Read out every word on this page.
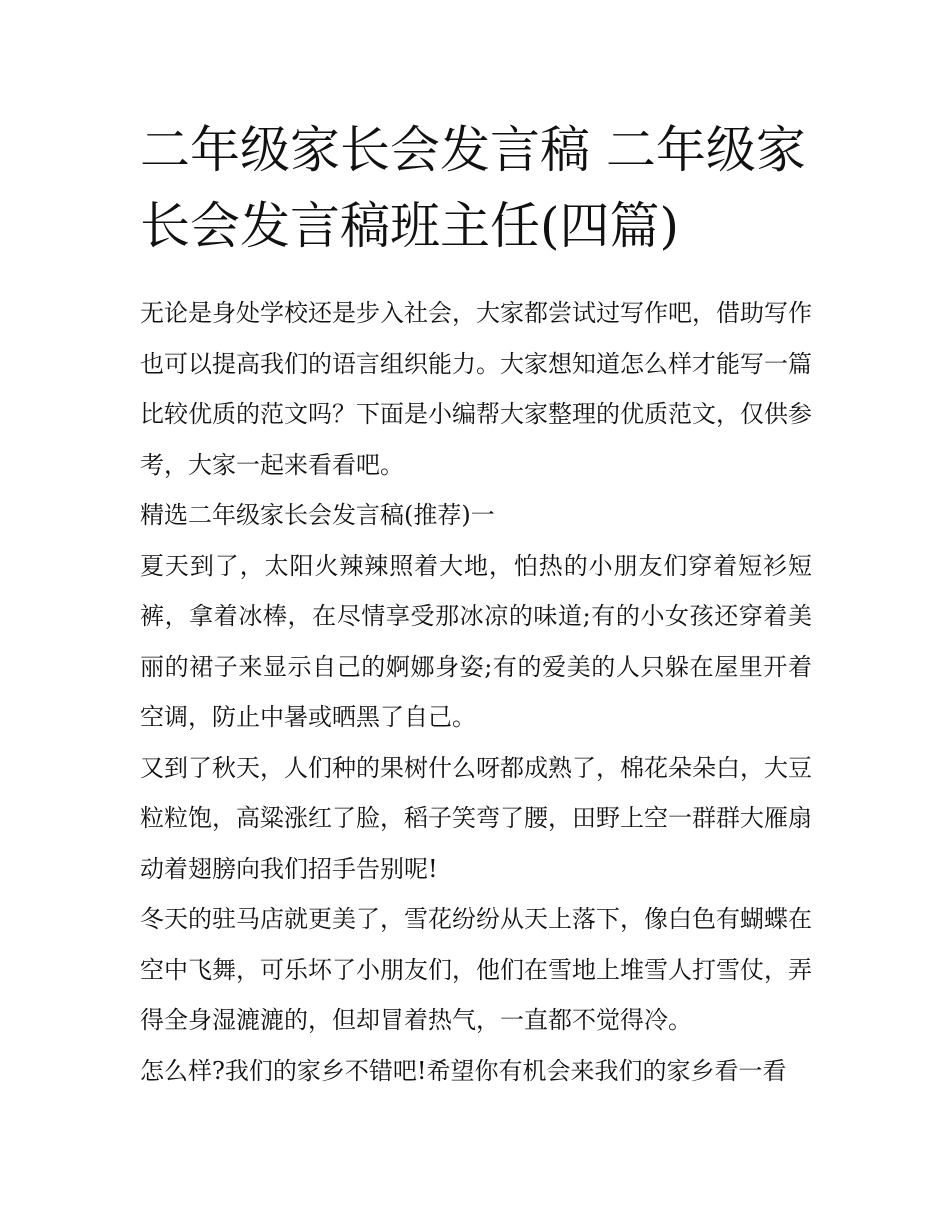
二年级家长会发言稿 二年级家长会发言稿班主任(四篇)

无论是身处学校还是步入社会，大家都尝试过写作吧，借助写作也可以提高我们的语言组织能力。大家想知道怎么样才能写一篇比较优质的范文吗？下面是小编帮大家整理的优质范文，仅供参考，大家一起来看看吧。

精选二年级家长会发言稿(推荐)一

夏天到了，太阳火辣辣照着大地，怕热的小朋友们穿着短衫短裤，拿着冰棒，在尽情享受那冰凉的味道;有的小女孩还穿着美丽的裙子来显示自己的婀娜身姿;有的爱美的人只躲在屋里开着空调，防止中暑或晒黑了自己。

又到了秋天，人们种的果树什么呀都成熟了，棉花朵朵白，大豆粒粒饱，高粱涨红了脸，稻子笑弯了腰，田野上空一群群大雁扇动着翅膀向我们招手告别呢!

冬天的驻马店就更美了，雪花纷纷从天上落下，像白色有蝴蝶在空中飞舞，可乐坏了小朋友们，他们在雪地上堆雪人打雪仗，弄得全身湿漉漉的，但却冒着热气，一直都不觉得冷。

怎么样?我们的家乡不错吧!希望你有机会来我们的家乡看一看
